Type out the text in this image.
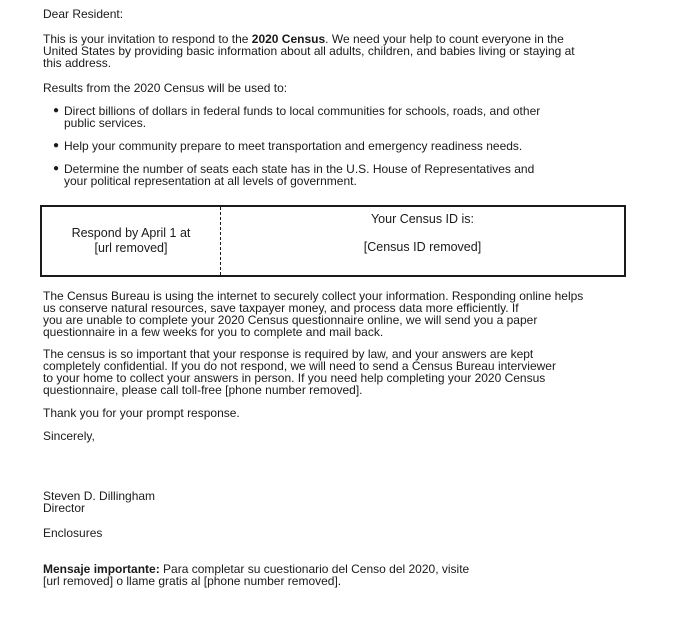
Dear Resident:

This is your invitation to respond to the 2020 Census. We need your help to count everyone in the
United States by providing basic information about all adults, children, and babies living or staying at
this address.

Results from the 2020 Census will be used to:

● Direct billions of dollars in federal funds to local communities for schools, roads, and other
public services.
● Help your community prepare to meet transportation and emergency readiness needs.
● Determine the number of seats each state has in the U.S. House of Representatives and
your political representation at all levels of government.
Respond by April 1 at
[url removed]
Your Census ID is:
[Census ID removed]

The Census Bureau is using the internet to securely collect your information. Responding online helps
us conserve natural resources, save taxpayer money, and process data more efficiently. If
you are unable to complete your 2020 Census questionnaire online, we will send you a paper
questionnaire in a few weeks for you to complete and mail back.

The census is so important that your response is required by law, and your answers are kept
completely confidential. If you do not respond, we will need to send a Census Bureau interviewer
to your home to collect your answers in person. If you need help completing your 2020 Census
questionnaire, please call toll-free [phone number removed].

Thank you for your prompt response.

Sincerely,

Steven D. Dillingham
Director

Enclosures

Mensaje importante: Para completar su cuestionario del Censo del 2020, visite
[url removed] o llame gratis al [phone number removed].
